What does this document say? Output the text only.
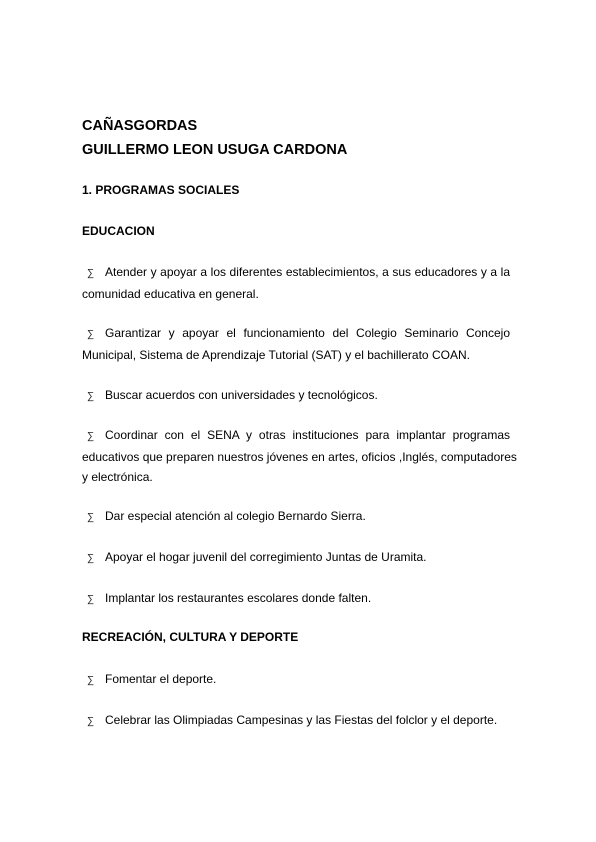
CAÑASGORDAS
GUILLERMO LEON USUGA CARDONA
1. PROGRAMAS SOCIALES
EDUCACION
∑ Atender y apoyar a los diferentes establecimientos, a sus educadores y a la
comunidad educativa en general.
∑ Garantizar y apoyar el funcionamiento del Colegio Seminario Concejo
Municipal, Sistema de Aprendizaje Tutorial (SAT) y el bachillerato COAN.
∑ Buscar acuerdos con universidades y tecnológicos.
∑ Coordinar con el SENA y otras instituciones para implantar programas
educativos que preparen nuestros jóvenes en artes, oficios ,Inglés, computadores
y electrónica.
∑ Dar especial atención al colegio Bernardo Sierra.
∑ Apoyar el hogar juvenil del corregimiento Juntas de Uramita.
∑ Implantar los restaurantes escolares donde falten.
RECREACIÓN, CULTURA Y DEPORTE
∑ Fomentar el deporte.
∑ Celebrar las Olimpiadas Campesinas y las Fiestas del folclor y el deporte.
